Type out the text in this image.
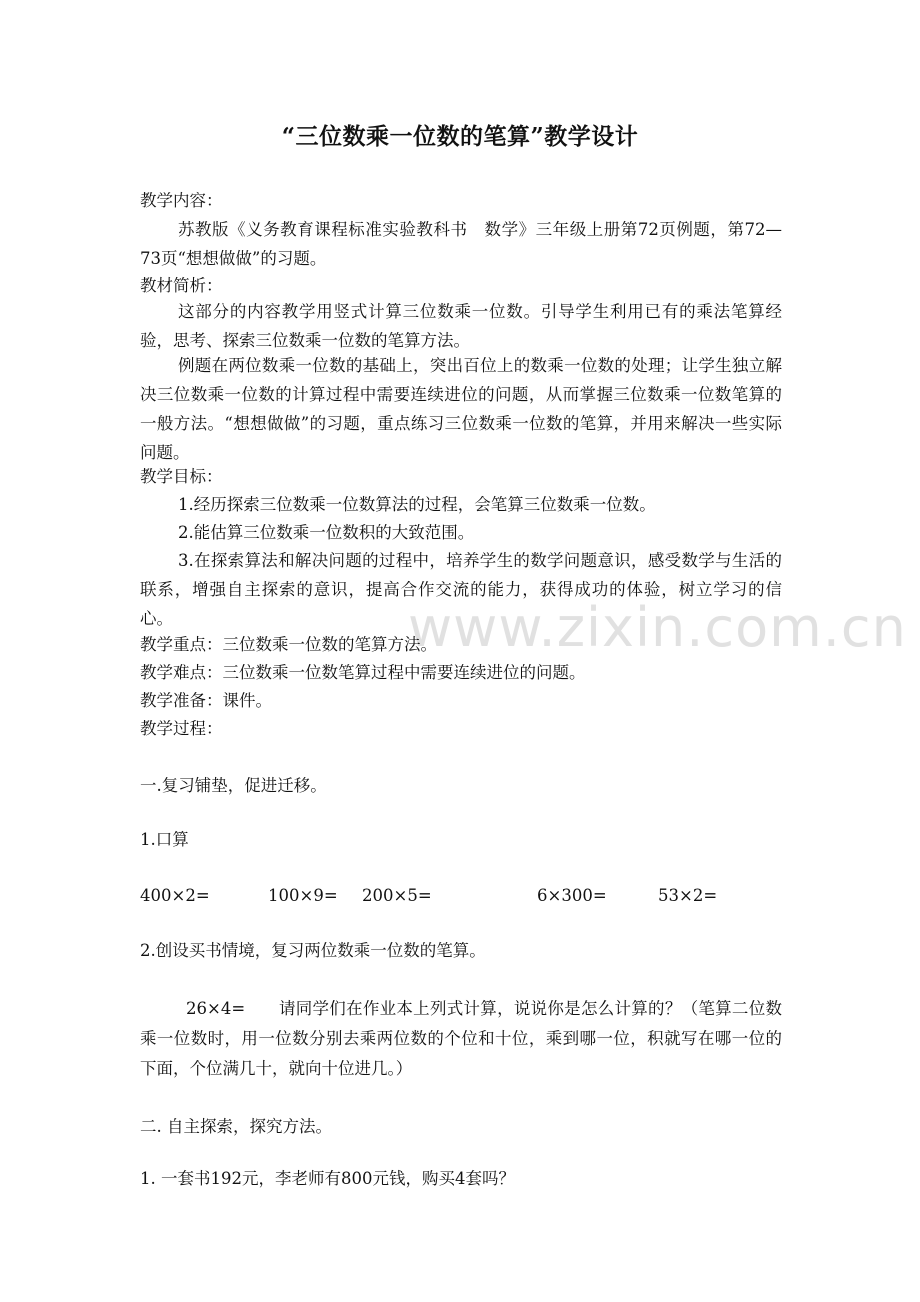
www.zixin.com.cn
“三位数乘一位数的笔算”教学设计
教学内容：
苏教版《义务教育课程标准实验教科书　数学》三年级上册第72页例题，第72—73页“想想做做”的习题。
教材简析：
这部分的内容教学用竖式计算三位数乘一位数。引导学生利用已有的乘法笔算经验，思考、探索三位数乘一位数的笔算方法。
例题在两位数乘一位数的基础上，突出百位上的数乘一位数的处理；让学生独立解决三位数乘一位数的计算过程中需要连续进位的问题，从而掌握三位数乘一位数笔算的一般方法。“想想做做”的习题，重点练习三位数乘一位数的笔算，并用来解决一些实际问题。
教学目标：
1.经历探索三位数乘一位数算法的过程，会笔算三位数乘一位数。
2.能估算三位数乘一位数积的大致范围。
3.在探索算法和解决问题的过程中，培养学生的数学问题意识，感受数学与生活的联系，增强自主探索的意识，提高合作交流的能力，获得成功的体验，树立学习的信心。
教学重点：三位数乘一位数的笔算方法。
教学难点：三位数乘一位数笔算过程中需要连续进位的问题。
教学准备：课件。
教学过程：
一.复习铺垫，促进迁移。
1.口算
400×2=	100×9= 200×5=	6×300=	53×2=
2.创设买书情境，复习两位数乘一位数的笔算。
26×4=　　请同学们在作业本上列式计算，说说你是怎么计算的？（笔算二位数乘一位数时，用一位数分别去乘两位数的个位和十位，乘到哪一位，积就写在哪一位的下面，个位满几十，就向十位进几。）
二. 自主探索，探究方法。
1. 一套书192元，李老师有800元钱，购买4套吗？
